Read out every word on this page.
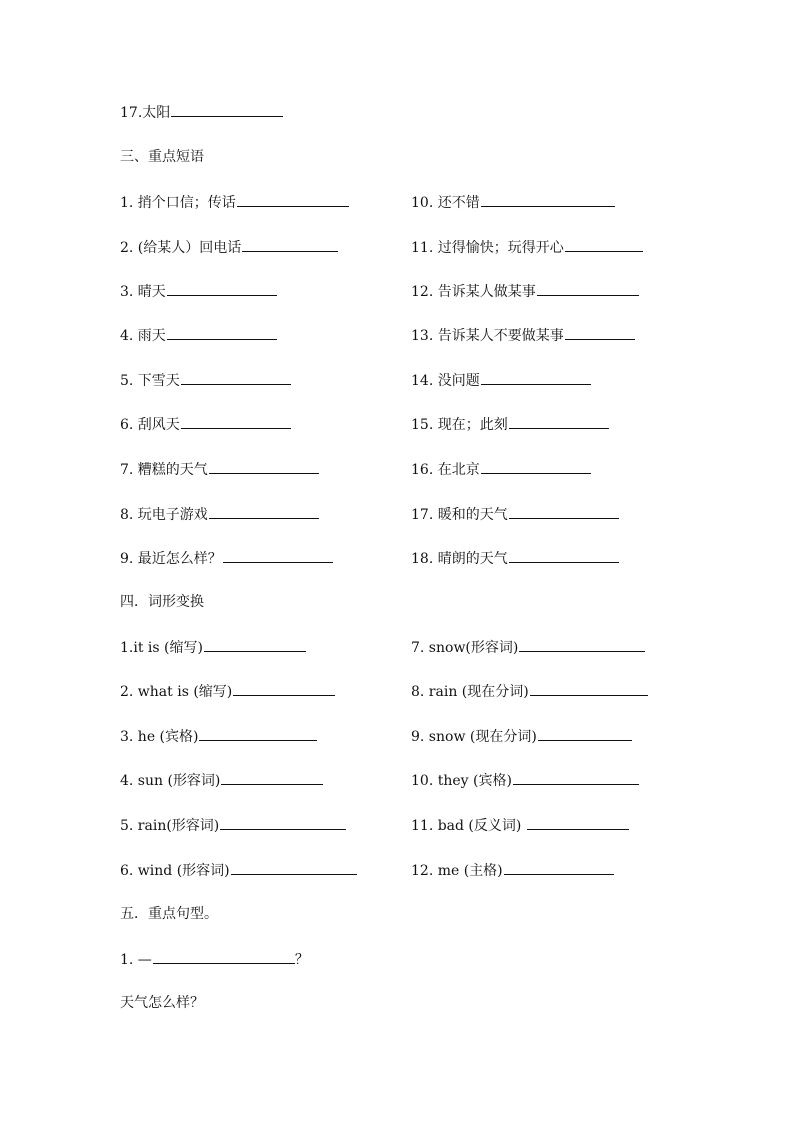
17.太阳
三、重点短语
1. 捎个口信；传话
2. (给某人）回电话
3. 晴天
4. 雨天
5. 下雪天
6. 刮风天
7. 糟糕的天气
8. 玩电子游戏
9. 最近怎么样？
10. 还不错
11. 过得愉快；玩得开心
12. 告诉某人做某事
13. 告诉某人不要做某事
14. 没问题
15. 现在；此刻
16. 在北京
17. 暖和的天气
18. 晴朗的天气
四．词形变换
1.it is (缩写)
2. what is (缩写)
3. he (宾格)
4. sun (形容词)
5. rain(形容词)
6. wind (形容词)
7. snow(形容词)
8. rain (现在分词)
9. snow (现在分词)
10. they (宾格)
11. bad (反义词)
12. me (主格)
五．重点句型。
1. —	？
天气怎么样？
